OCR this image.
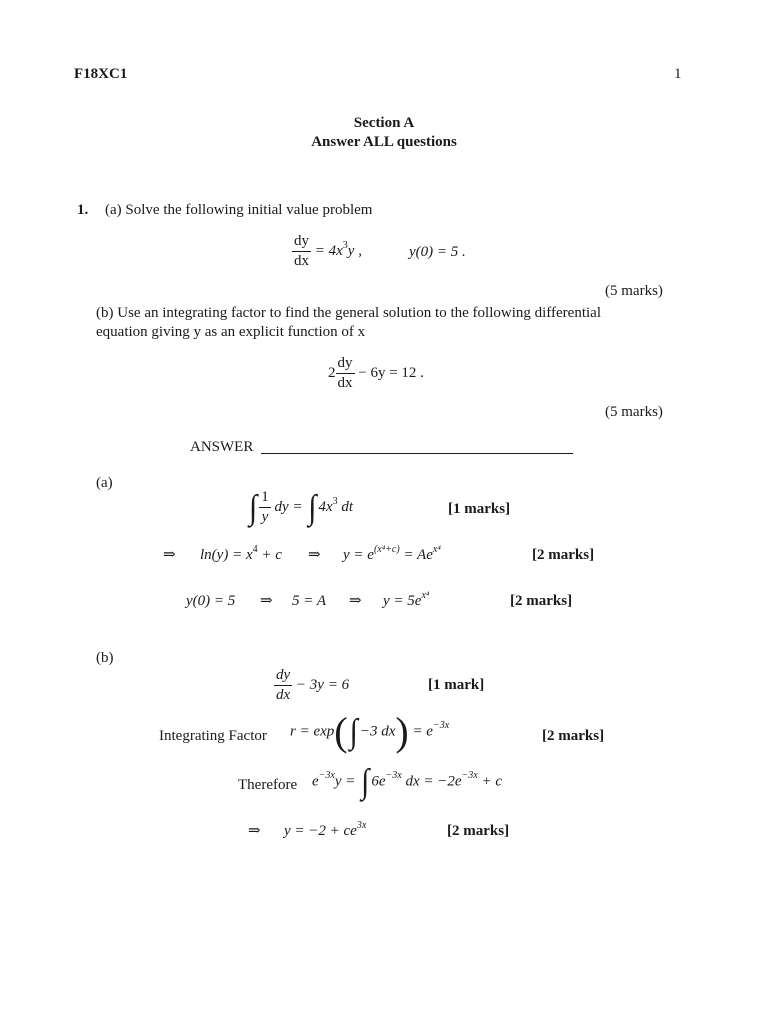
F18XC1	1
Section A
Answer ALL questions
1. (a) Solve the following initial value problem
$\frac{dy}{dx} = 4x^3y$ ,	y(0) = 5 .
(5 marks)
(b) Use an integrating factor to find the general solution to the following differential
equation giving y as an explicit function of x
$2 \frac{dy}{dx} - 6y = 12$ .
(5 marks)
ANSWER
(a)
∫ $\frac{1}{y}$ dy = ∫ $4x^3$ dt	[1 marks]
⇒ $\ln(y) = x^4 + c$ ⇒ $y = e^{(x^4+c)} = Ae^{x^4}$	[2 marks]
y(0) = 5 ⇒ 5 = A ⇒ $y = 5e^{x^4}$	[2 marks]
(b)
$\frac{dy}{dx} - 3y = 6$	[1 mark]
Integrating Factor r = exp(∫ −3 $dx) = e^{-3x}$
[2 marks]
Therefore $e^{-3x}y$ = ∫ $6e^{-3x}$ dx = $-2e^{-3x} + c$
⇒ $y = -2 + ce^{3x}$	[2 marks]
